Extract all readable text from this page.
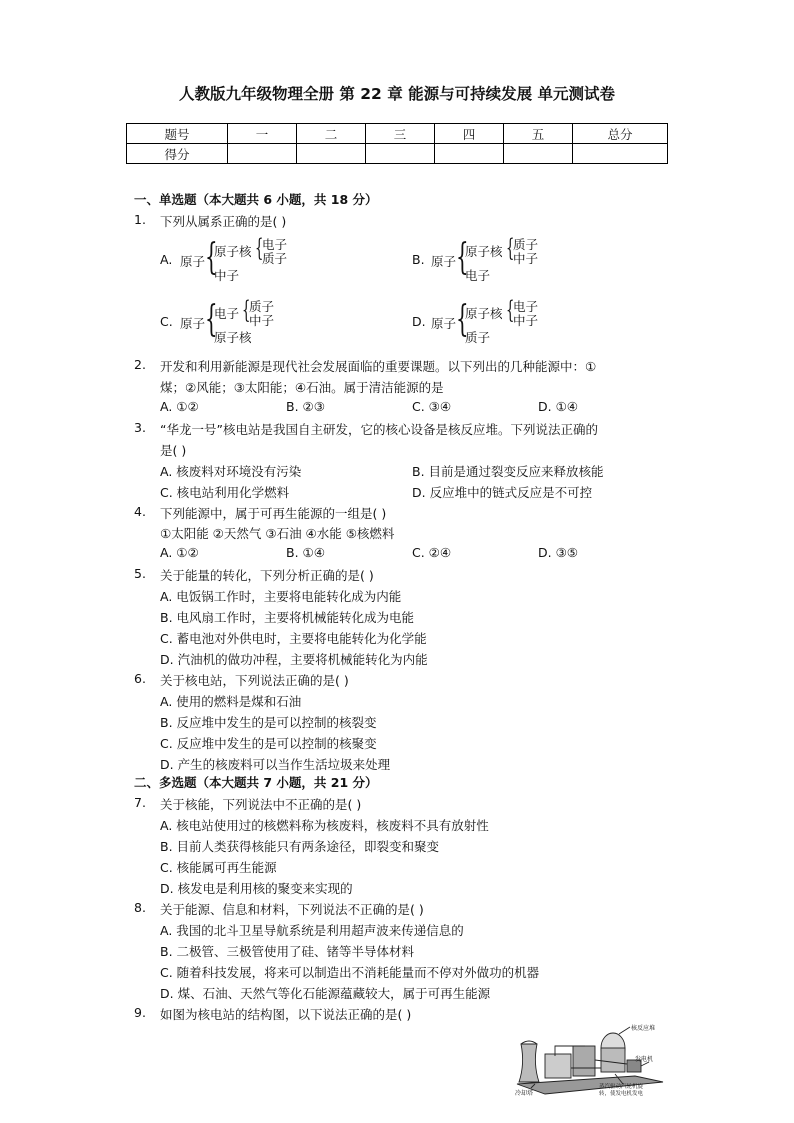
人教版九年级物理全册 第 22 章 能源与可持续发展 单元测试卷
题号	一	二	三	四	五	总分
得分						
一、单选题（本大题共 6 小题，共 18 分）
1. 下列从属系正确的是( )
A. 原子 {
原子核 {
电子
质子
中子
B. 原子 {
原子核 {
质子
中子
电子
C. 原子 {
电子 {
质子
中子
原子核
D. 原子 {
原子核 {
电子
中子
质子
2. 开发和利用新能源是现代社会发展面临的重要课题。以下列出的几种能源中：①
煤；②风能；③太阳能；④石油。属于清洁能源的是
A. ①②	B. ②③	C. ③④	D. ①④
3. “华龙一号”核电站是我国自主研发，它的核心设备是核反应堆。下列说法正确的
是( )
A. 核废料对环境没有污染	B. 目前是通过裂变反应来释放核能
C. 核电站利用化学燃料	D. 反应堆中的链式反应是不可控
4. 下列能源中，属于可再生能源的一组是( )
①太阳能 ②天然气 ③石油 ④水能 ⑤核燃料
A. ①②	B. ①④	C. ②④	D. ③⑤
5. 关于能量的转化，下列分析正确的是( )
A. 电饭锅工作时，主要将电能转化成为内能
B. 电风扇工作时，主要将机械能转化成为电能
C. 蓄电池对外供电时，主要将电能转化为化学能
D. 汽油机的做功冲程，主要将机械能转化为内能
6. 关于核电站，下列说法正确的是( )
A. 使用的燃料是煤和石油
B. 反应堆中发生的是可以控制的核裂变
C. 反应堆中发生的是可以控制的核聚变
D. 产生的核废料可以当作生活垃圾来处理
二、多选题（本大题共 7 小题，共 21 分）
7. 关于核能，下列说法中不正确的是( )
A. 核电站使用过的核燃料称为核废料，核废料不具有放射性
B. 目前人类获得核能只有两条途径，即裂变和聚变
C. 核能属可再生能源
D. 核发电是利用核的聚变来实现的
8. 关于能源、信息和材料，下列说法不正确的是( )
A. 我国的北斗卫星导航系统是利用超声波来传递信息的
B. 二极管、三极管使用了硅、锗等半导体材料
C. 随着科技发展，将来可以制造出不消耗能量而不停对外做功的机器
D. 煤、石油、天然气等化石能源蕴藏较大，属于可再生能源
9. 如图为核电站的结构图，以下说法正确的是( )
核反应堆
发电机
冷却塔
蒸汽驱动汽轮机旋
转，使发电机发电
